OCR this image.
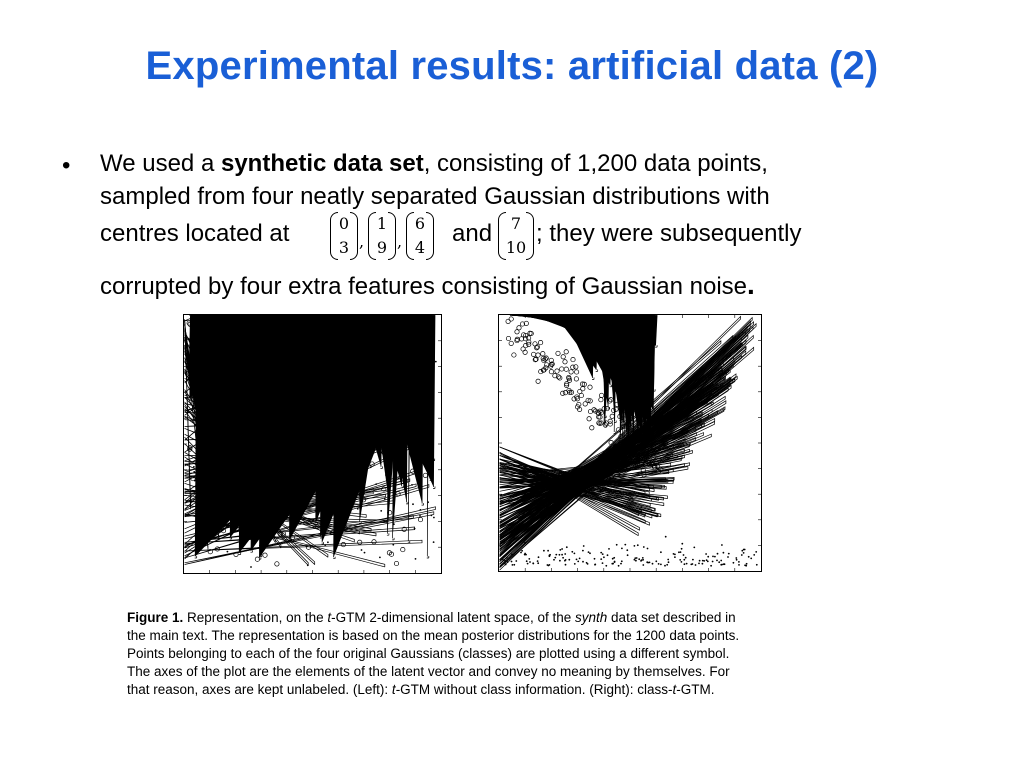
Experimental results: artificial data (2)
• We used a synthetic data set, consisting of 1,200 data points,
sampled from four neatly separated Gaussian distributions with
centres located at	0
3 ,
1
9 ,
6
4
and	7
10
; they were subsequently
corrupted by four extra features consisting of Gaussian noise.
Figure 1. Representation, on the t-GTM 2-dimensional latent space, of the synth data set described in
the main text. The representation is based on the mean posterior distributions for the 1200 data points.
Points belonging to each of the four original Gaussians (classes) are plotted using a different symbol.
The axes of the plot are the elements of the latent vector and convey no meaning by themselves. For
that reason, axes are kept unlabeled. (Left): t-GTM without class information. (Right): class-t-GTM.
